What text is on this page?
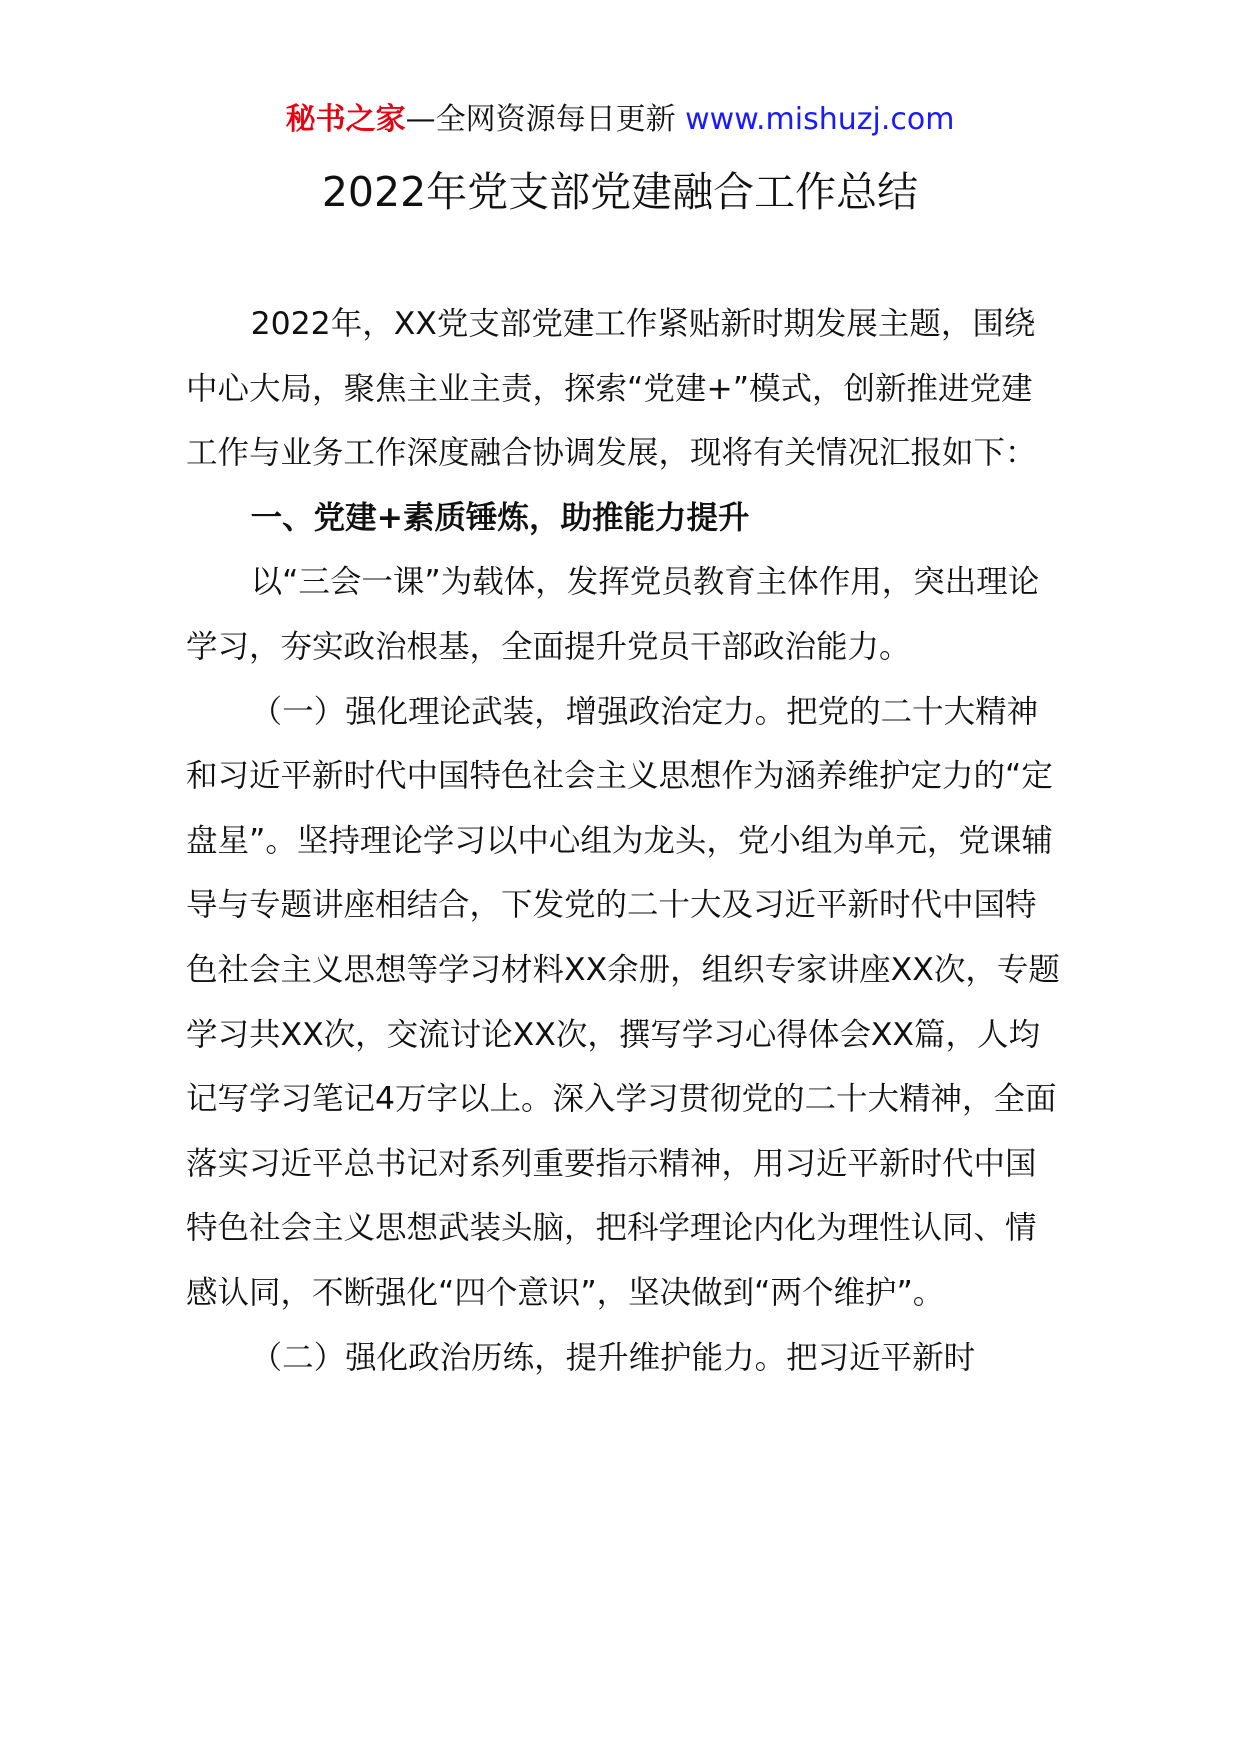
秘书之家—全网资源每日更新 www.mishuzj.com
2022年党支部党建融合工作总结

2022年，XX党支部党建工作紧贴新时期发展主题，围绕中心大局，聚焦主业主责，探索“党建+”模式，创新推进党建工作与业务工作深度融合协调发展，现将有关情况汇报如下：

一、党建+素质锤炼，助推能力提升

以“三会一课”为载体，发挥党员教育主体作用，突出理论学习，夯实政治根基，全面提升党员干部政治能力。

（一）强化理论武装，增强政治定力。把党的二十大精神和习近平新时代中国特色社会主义思想作为涵养维护定力的“定盘星”。坚持理论学习以中心组为龙头，党小组为单元，党课辅导与专题讲座相结合，下发党的二十大及习近平新时代中国特色社会主义思想等学习材料XX余册，组织专家讲座XX次，专题学习共XX次，交流讨论XX次，撰写学习心得体会XX篇，人均记写学习笔记4万字以上。深入学习贯彻党的二十大精神，全面落实习近平总书记对系列重要指示精神，用习近平新时代中国特色社会主义思想武装头脑，把科学理论内化为理性认同、情感认同，不断强化“四个意识”，坚决做到“两个维护”。

（二）强化政治历练，提升维护能力。把习近平新时
